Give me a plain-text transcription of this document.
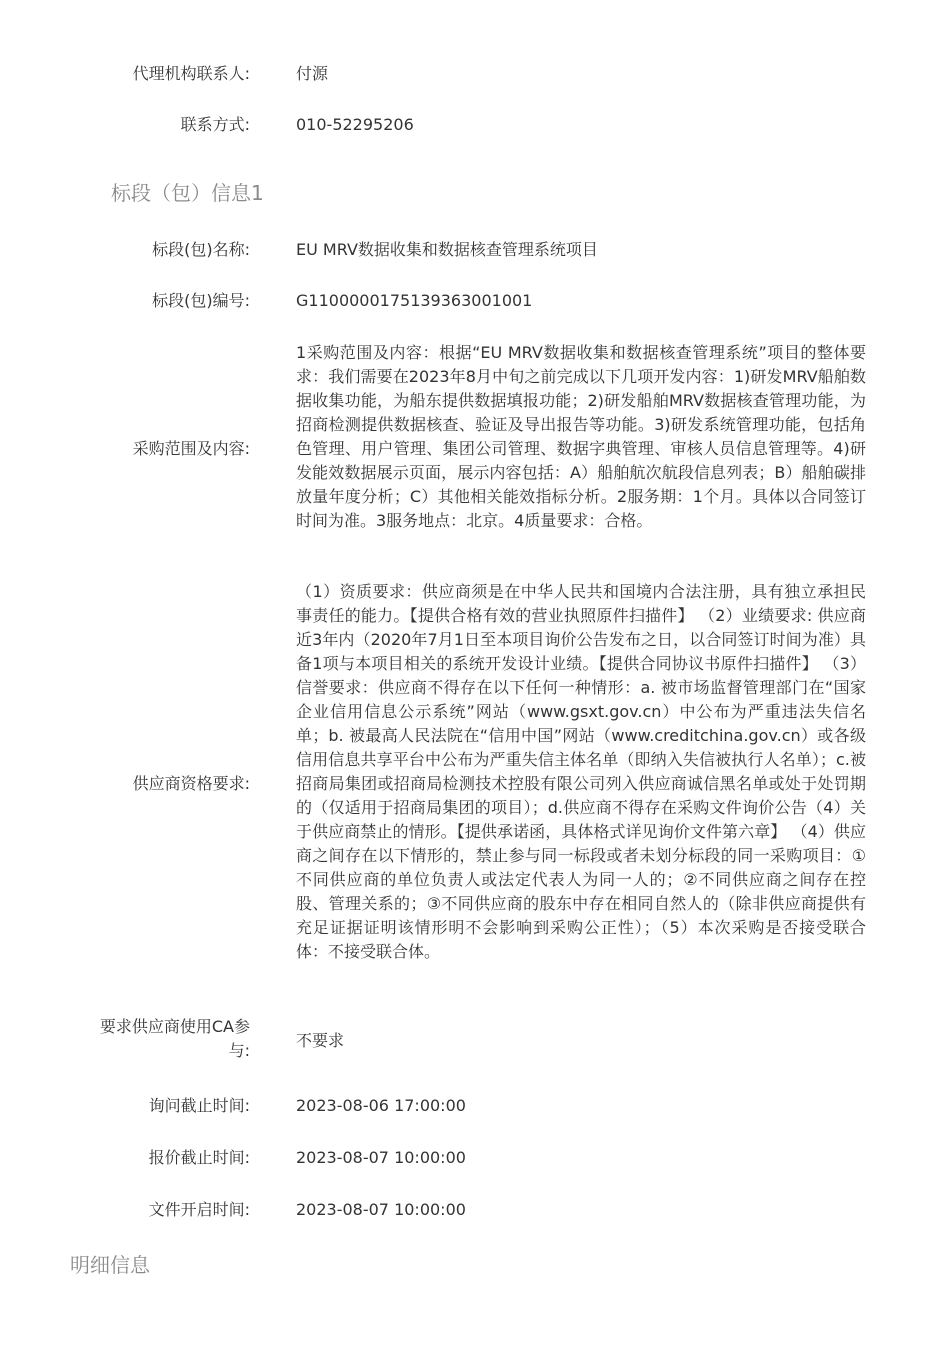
代理机构联系人:	付源
联系方式:	010-52295206
标段（包）信息1
标段(包)名称:	EU MRV数据收集和数据核查管理系统项目
标段(包)编号:	G1100000175139363001001
采购范围及内容:
1采购范围及内容：根据“EU MRV数据收集和数据核查管理系统”项目的整体要求：我们需要在2023年8月中旬之前完成以下几项开发内容：1)研发MRV船舶数据收集功能，为船东提供数据填报功能；2)研发船舶MRV数据核查管理功能，为招商检测提供数据核查、验证及导出报告等功能。3)研发系统管理功能，包括角色管理、用户管理、集团公司管理、数据字典管理、审核人员信息管理等。4)研发能效数据展示页面，展示内容包括：A）船舶航次航段信息列表；B）船舶碳排放量年度分析；C）其他相关能效指标分析。2服务期：1个月。具体以合同签订时间为准。3服务地点：北京。4质量要求：合格。
供应商资格要求:
（1）资质要求：供应商须是在中华人民共和国境内合法注册，具有独立承担民事责任的能力。【提供合格有效的营业执照原件扫描件】 （2）业绩要求: 供应商近3年内（2020年7月1日至本项目询价公告发布之日，以合同签订时间为准）具备1项与本项目相关的系统开发设计业绩。【提供合同协议书原件扫描件】 （3）信誉要求：供应商不得存在以下任何一种情形：a. 被市场监督管理部门在“国家企业信用信息公示系统”网站（www.gsxt.gov.cn）中公布为严重违法失信名单；b. 被最高人民法院在“信用中国”网站（www.creditchina.gov.cn）或各级信用信息共享平台中公布为严重失信主体名单（即纳入失信被执行人名单）；c.被招商局集团或招商局检测技术控股有限公司列入供应商诚信黑名单或处于处罚期的（仅适用于招商局集团的项目）；d.供应商不得存在采购文件询价公告（4）关于供应商禁止的情形。【提供承诺函，具体格式详见询价文件第六章】 （4）供应商之间存在以下情形的，禁止参与同一标段或者未划分标段的同一采购项目：①不同供应商的单位负责人或法定代表人为同一人的；②不同供应商之间存在控股、管理关系的；③不同供应商的股东中存在相同自然人的（除非供应商提供有充足证据证明该情形明不会影响到采购公正性）；（5）本次采购是否接受联合体：不接受联合体。
要求供应商使用CA参与:
不要求
询问截止时间:	2023-08-06 17:00:00
报价截止时间:	2023-08-07 10:00:00
文件开启时间:	2023-08-07 10:00:00
明细信息
